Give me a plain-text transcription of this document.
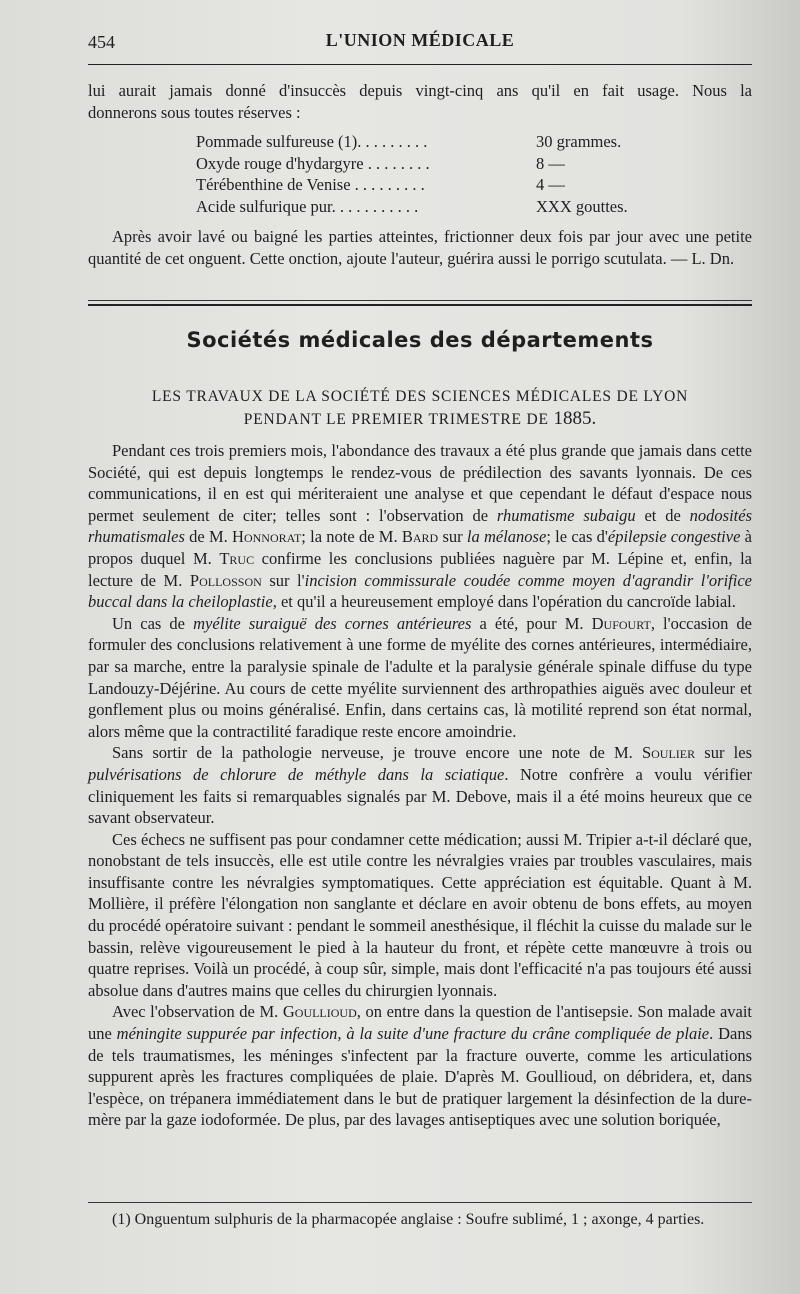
454	L'UNION MÉDICALE
lui aurait jamais donné d'insuccès depuis vingt-cinq ans qu'il en fait usage. Nous la
donnerons sous toutes réserves :
Pommade sulfureuse (1). . . . . . . . .	30 grammes.
Oxyde rouge d'hydargyre . . . . . . . .	8 —
Térébenthine de Venise . . . . . . . . .	4 —
Acide sulfurique pur. . . . . . . . . . .	XXX gouttes.

Après avoir lavé ou baigné les parties atteintes, frictionner deux fois par jour avec une petite quantité de cet onguent. Cette onction, ajoute l'auteur, guérira aussi le porrigo scutulata. — L. Dn.

Sociétés médicales des départements
LES TRAVAUX DE LA SOCIÉTÉ DES SCIENCES MÉDICALES DE LYON
PENDANT LE PREMIER TRIMESTRE DE 1885.

Pendant ces trois premiers mois, l'abondance des travaux a été plus grande que jamais dans cette Société, qui est depuis longtemps le rendez-vous de prédilection des savants lyonnais. De ces communications, il en est qui mériteraient une analyse et que cependant le défaut d'espace nous permet seulement de citer; telles sont : l'observation de rhumatisme subaigu et de nodosités rhumatismales de M. Honnorat; la note de M. Bard sur la mélanose; le cas d'épilepsie congestive à propos duquel M. Truc confirme les conclusions publiées naguère par M. Lépine et, enfin, la lecture de M. Pollosson sur l'incision commissurale coudée comme moyen d'agrandir l'orifice buccal dans la cheiloplastie, et qu'il a heureusement employé dans l'opération du cancroïde labial.

Un cas de myélite suraiguë des cornes antérieures a été, pour M. Dufourt, l'occasion de formuler des conclusions relativement à une forme de myélite des cornes antérieures, intermédiaire, par sa marche, entre la paralysie spinale de l'adulte et la paralysie générale spinale diffuse du type Landouzy-Déjérine. Au cours de cette myélite surviennent des arthropathies aiguës avec douleur et gonflement plus ou moins généralisé. Enfin, dans certains cas, là motilité reprend son état normal, alors même que la contractilité faradique reste encore amoindrie.

Sans sortir de la pathologie nerveuse, je trouve encore une note de M. Soulier sur les pulvérisations de chlorure de méthyle dans la sciatique. Notre confrère a voulu vérifier cliniquement les faits si remarquables signalés par M. Debove, mais il a été moins heureux que ce savant observateur.

Ces échecs ne suffisent pas pour condamner cette médication; aussi M. Tripier a-t-il déclaré que, nonobstant de tels insuccès, elle est utile contre les névralgies vraies par troubles vasculaires, mais insuffisante contre les névralgies symptomatiques. Cette appréciation est équitable. Quant à M. Mollière, il préfère l'élongation non sanglante et déclare en avoir obtenu de bons effets, au moyen du procédé opératoire suivant : pendant le sommeil anesthésique, il fléchit la cuisse du malade sur le bassin, relève vigoureusement le pied à la hauteur du front, et répète cette manœuvre à trois ou quatre reprises. Voilà un procédé, à coup sûr, simple, mais dont l'efficacité n'a pas toujours été aussi absolue dans d'autres mains que celles du chirurgien lyonnais.

Avec l'observation de M. Goullioud, on entre dans la question de l'antisepsie. Son malade avait une méningite suppurée par infection, à la suite d'une fracture du crâne compliquée de plaie. Dans de tels traumatismes, les méninges s'infectent par la fracture ouverte, comme les articulations suppurent après les fractures compliquées de plaie. D'après M. Goullioud, on débridera, et, dans l'espèce, on trépanera immédiatement dans le but de pratiquer largement la désinfection de la dure-mère par la gaze iodoformée. De plus, par des lavages antiseptiques avec une solution boriquée,

(1) Onguentum sulphuris de la pharmacopée anglaise : Soufre sublimé, 1 ; axonge, 4 parties.
